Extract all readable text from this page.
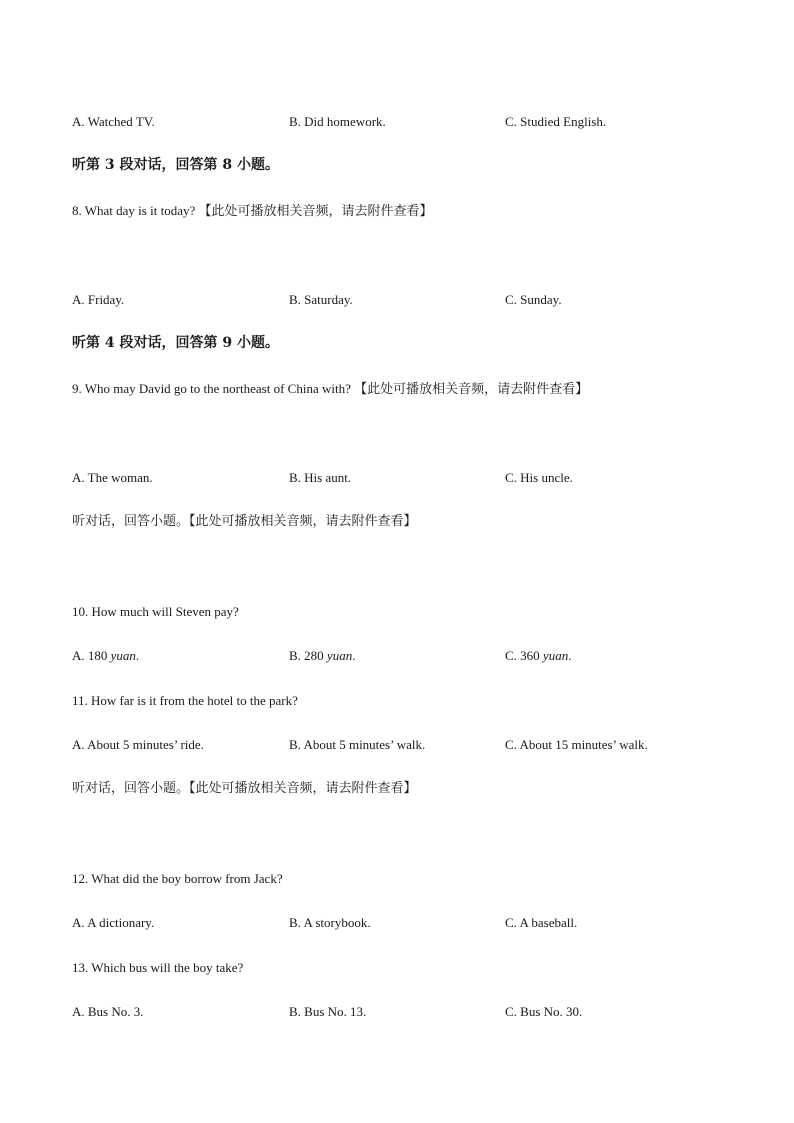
A. Watched TV.	B. Did homework.	C. Studied English.
听第 3 段对话，回答第 8 小题。
8. What day is it today? 【此处可播放相关音频，请去附件查看】
A. Friday.	B. Saturday.	C. Sunday.
听第 4 段对话，回答第 9 小题。
9. Who may David go to the northeast of China with? 【此处可播放相关音频，请去附件查看】
A. The woman.	B. His aunt.	C. His uncle.
听对话，回答小题。【此处可播放相关音频，请去附件查看】
10. How much will Steven pay?
A. 180 yuan.	B. 280 yuan.	C. 360 yuan.
11. How far is it from the hotel to the park?
A. About 5 minutes’ ride.	B. About 5 minutes’ walk.	C. About 15 minutes’ walk.
听对话，回答小题。【此处可播放相关音频，请去附件查看】
12. What did the boy borrow from Jack?
A. A dictionary.	B. A storybook.	C. A baseball.
13. Which bus will the boy take?
A. Bus No. 3.	B. Bus No. 13.	C. Bus No. 30.
